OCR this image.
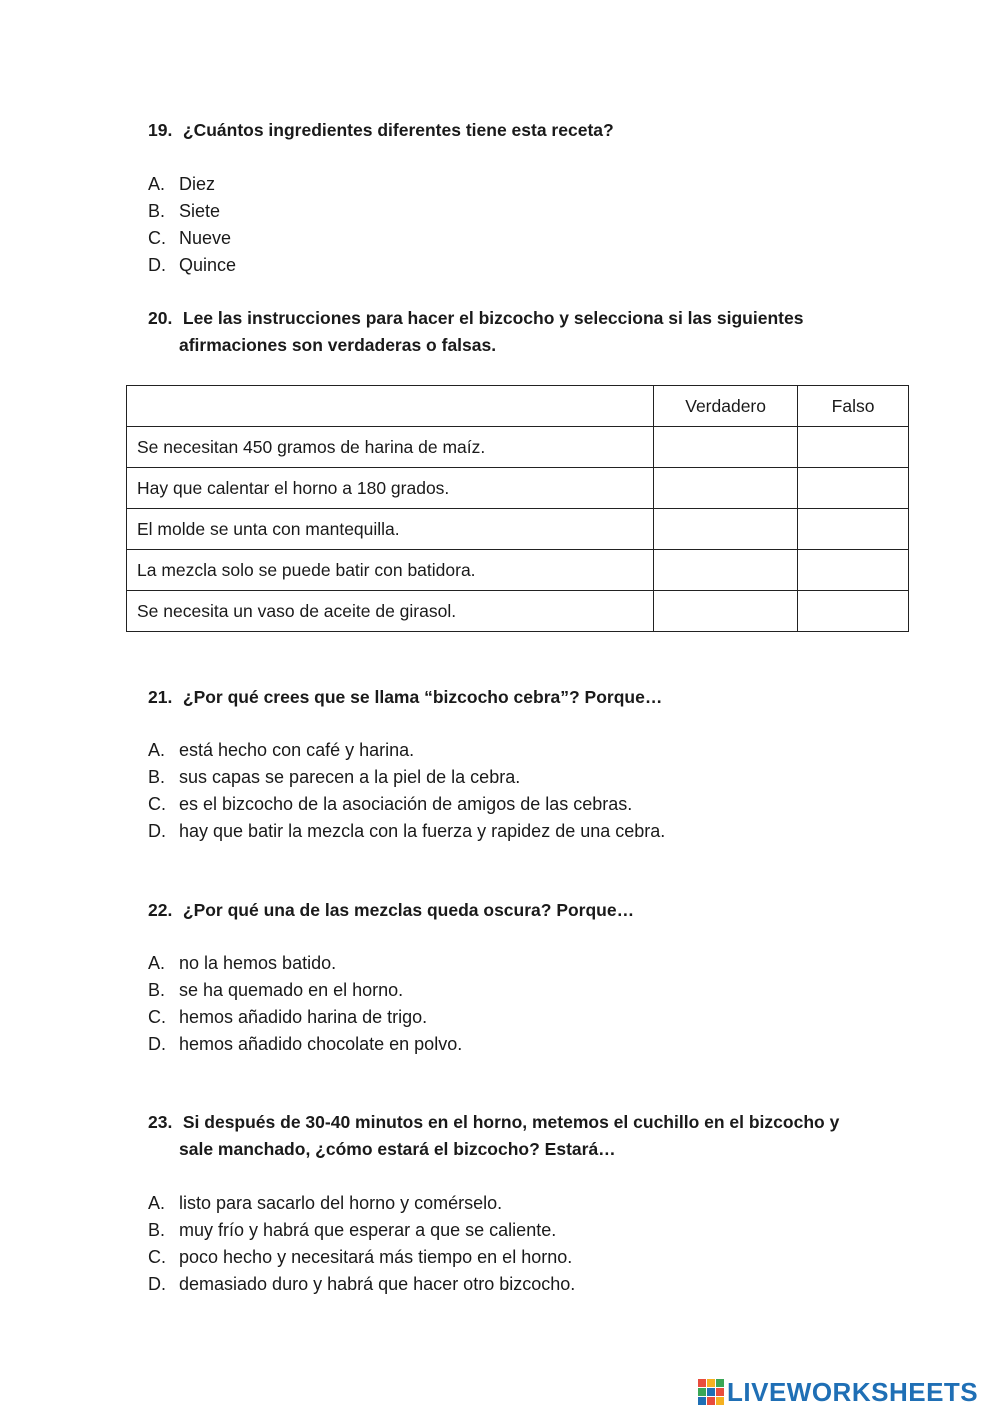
19. ¿Cuántos ingredientes diferentes tiene esta receta?
A. Diez
B. Siete
C. Nueve
D. Quince
20. Lee las instrucciones para hacer el bizcocho y selecciona si las siguientes
afirmaciones son verdaderas o falsas.
	Verdadero	Falso
Se necesitan 450 gramos de harina de maíz.		
Hay que calentar el horno a 180 grados.		
El molde se unta con mantequilla.		
La mezcla solo se puede batir con batidora.		
Se necesita un vaso de aceite de girasol.		
21. ¿Por qué crees que se llama “bizcocho cebra”? Porque…
A. está hecho con café y harina.
B. sus capas se parecen a la piel de la cebra.
C. es el bizcocho de la asociación de amigos de las cebras.
D. hay que batir la mezcla con la fuerza y rapidez de una cebra.
22. ¿Por qué una de las mezclas queda oscura? Porque…
A. no la hemos batido.
B. se ha quemado en el horno.
C. hemos añadido harina de trigo.
D. hemos añadido chocolate en polvo.
23. Si después de 30-40 minutos en el horno, metemos el cuchillo en el bizcocho y
sale manchado, ¿cómo estará el bizcocho? Estará…
A. listo para sacarlo del horno y comérselo.
B. muy frío y habrá que esperar a que se caliente.
C. poco hecho y necesitará más tiempo en el horno.
D. demasiado duro y habrá que hacer otro bizcocho.
LIVEWORKSHEETS
